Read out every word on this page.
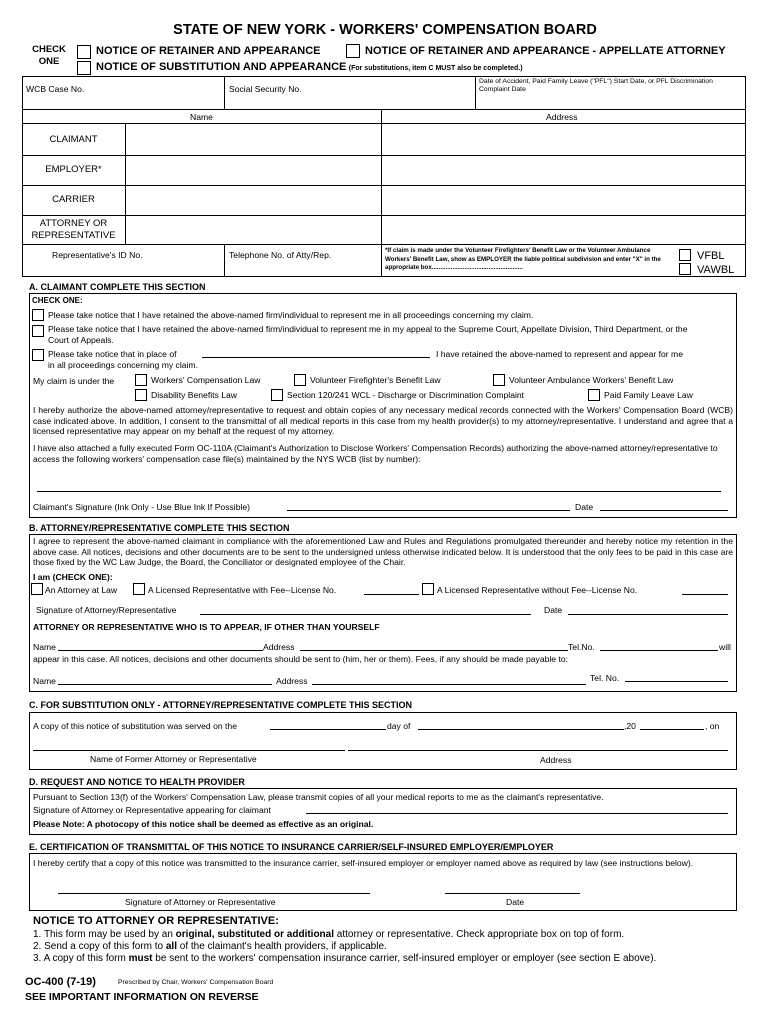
STATE OF NEW YORK - WORKERS' COMPENSATION BOARD
CHECK
ONE
NOTICE OF RETAINER AND APPEARANCE	NOTICE OF RETAINER AND APPEARANCE - APPELLATE ATTORNEY
NOTICE OF SUBSTITUTION AND APPEARANCE (For substitutions, item C MUST also be completed.)
WCB Case No.	Social Security No.
Date of Accident, Paid Family Leave ("PFL") Start Date, or PFL Discrimination Complaint Date
Name	Address
CLAIMANT
EMPLOYER*
CARRIER
ATTORNEY OR REPRESENTATIVE
Representative's ID No.	Telephone No. of Atty/Rep.	*If claim is made under the Volunteer Firefighters' Benefit Law or the Volunteer Ambulance Workers' Benefit Law, show as EMPLOYER the liable political subdivision and enter "X" in the appropriate box.....................................................
VFBL
VAWBL
A. CLAIMANT COMPLETE THIS SECTION
CHECK ONE:
Please take notice that I have retained the above-named firm/individual to represent me in all proceedings concerning my claim.
Please take notice that I have retained the above-named firm/individual to represent me in my appeal to the Supreme Court, Appellate Division, Third Department, or the Court of Appeals.
Please take notice that in place of	I have retained the above-named to represent and appear for me
in all proceedings concerning my claim.
My claim is under the	Workers' Compensation Law	Volunteer Firefighter's Benefit Law	Volunteer Ambulance Workers' Benefit Law
Disability Benefits Law	Section 120/241 WCL - Discharge or Discrimination Complaint	Paid Family Leave Law
I hereby authorize the above-named attorney/representative to request and obtain copies of any necessary medical records connected with the Workers' Compensation Board (WCB) case indicated above. In addition, I consent to the transmittal of all medical reports in this case from my health provider(s) to my attorney/representative. I understand and agree that a licensed representative may appear on my behalf at the request of my attorney.
I have also attached a fully executed Form OC-110A (Claimant's Authorization to Disclose Workers' Compensation Records) authorizing the above-named attorney/representative to access the following workers' compensation case file(s) maintained by the NYS WCB (list by number):
Claimant's Signature (Ink Only - Use Blue Ink If Possible)	Date
B. ATTORNEY/REPRESENTATIVE COMPLETE THIS SECTION
I agree to represent the above-named claimant in compliance with the aforementioned Law and Rules and Regulations promulgated thereunder and hereby notice my retention in the above case. All notices, decisions and other documents are to be sent to the undersigned unless otherwise indicated below. It is understood that the only fees to be paid in this case are those fixed by the WC Law Judge, the Board, the Conciliator or designated employee of the Chair.
I am (CHECK ONE):
An Attorney at Law	A Licensed Representative with Fee--License No.	A Licensed Representative without Fee--License No.
Signature of Attorney/Representative	Date
ATTORNEY OR REPRESENTATIVE WHO IS TO APPEAR, IF OTHER THAN YOURSELF
Name	Address	Tel.No.	will
appear in this case. All notices, decisions and other documents should be sent to (him, her or them). Fees, if any should be made payable to:
Name	Address	Tel. No.
C. FOR SUBSTITUTION ONLY - ATTORNEY/REPRESENTATIVE COMPLETE THIS SECTION
A copy of this notice of substitution was served on the	day of	,20	, on
Name of Former Attorney or Representative	Address
D. REQUEST AND NOTICE TO HEALTH PROVIDER
Pursuant to Section 13(f) of the Workers' Compensation Law, please transmit copies of all your medical reports to me as the claimant's representative.
Signature of Attorney or Representative appearing for claimant
Please Note: A photocopy of this notice shall be deemed as effective as an original.
E. CERTIFICATION OF TRANSMITTAL OF THIS NOTICE TO INSURANCE CARRIER/SELF-INSURED EMPLOYER/EMPLOYER
I hereby certify that a copy of this notice was transmitted to the insurance carrier, self-insured employer or employer named above as required by law (see instructions below).
Signature of Attorney or Representative	Date
NOTICE TO ATTORNEY OR REPRESENTATIVE:
1. This form may be used by an original, substituted or additional attorney or representative. Check appropriate box on top of form.
2. Send a copy of this form to all of the claimant's health providers, if applicable.
3. A copy of this form must be sent to the workers' compensation insurance carrier, self-insured employer or employer (see section E above).
OC-400 (7-19)	Prescribed by Chair, Workers' Compensation Board
SEE IMPORTANT INFORMATION ON REVERSE
